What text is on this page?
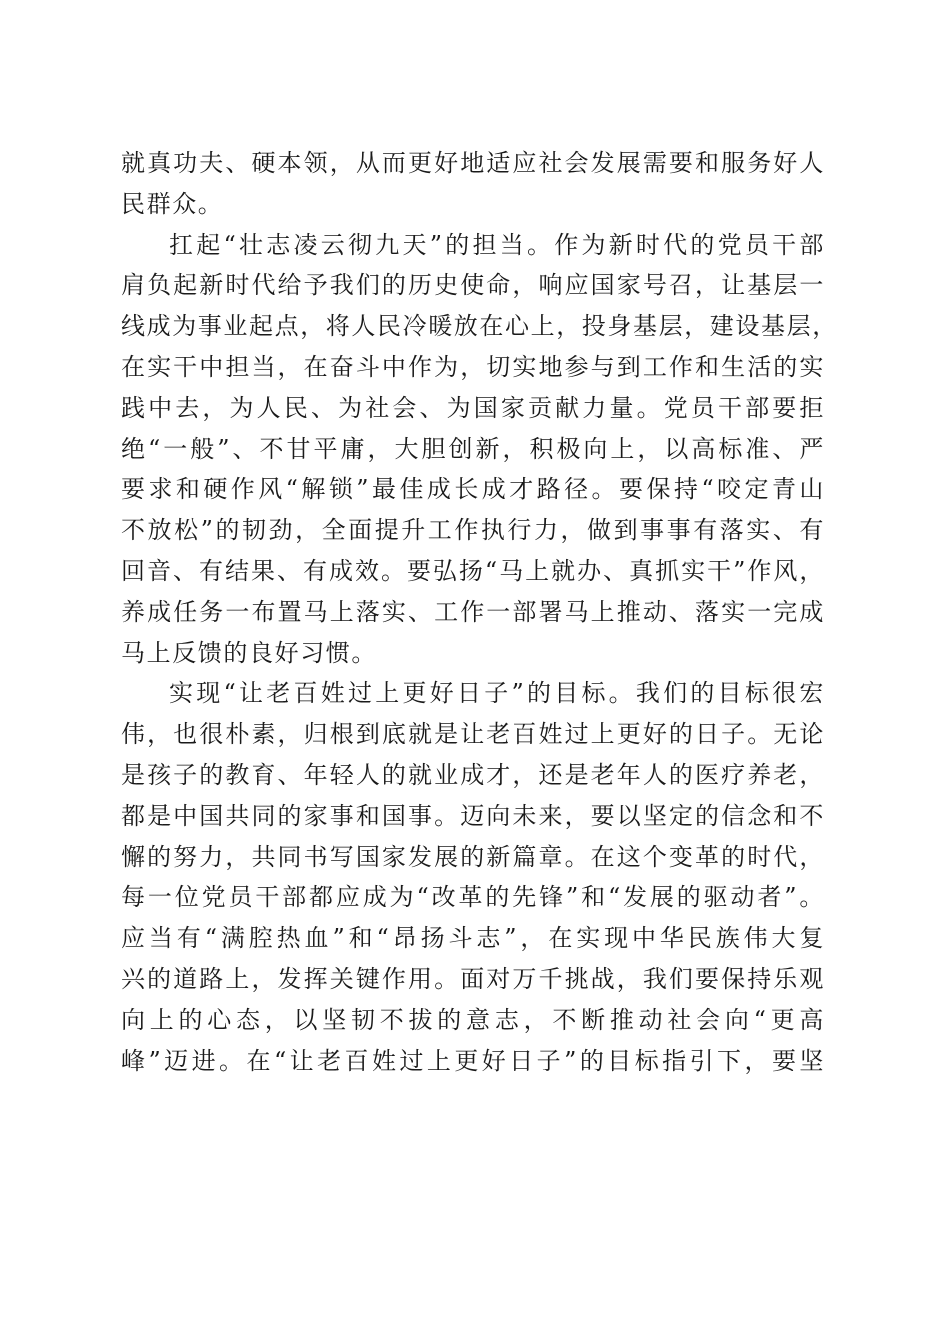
就真功夫、硬本领，从而更好地适应社会发展需要和服务好人
民群众。
扛起“壮志凌云彻九天”的担当。作为新时代的党员干部
肩负起新时代给予我们的历史使命，响应国家号召，让基层一
线成为事业起点，将人民冷暖放在心上，投身基层，建设基层，
在实干中担当，在奋斗中作为，切实地参与到工作和生活的实
践中去，为人民、为社会、为国家贡献力量。党员干部要拒
绝“一般”、不甘平庸，大胆创新，积极向上，以高标准、严
要求和硬作风“解锁”最佳成长成才路径。要保持“咬定青山
不放松”的韧劲，全面提升工作执行力，做到事事有落实、有
回音、有结果、有成效。要弘扬“马上就办、真抓实干”作风，
养成任务一布置马上落实、工作一部署马上推动、落实一完成
马上反馈的良好习惯。
实现“让老百姓过上更好日子”的目标。我们的目标很宏
伟，也很朴素，归根到底就是让老百姓过上更好的日子。无论
是孩子的教育、年轻人的就业成才，还是老年人的医疗养老，
都是中国共同的家事和国事。迈向未来，要以坚定的信念和不
懈的努力，共同书写国家发展的新篇章。在这个变革的时代，
每一位党员干部都应成为“改革的先锋”和“发展的驱动者”。
应当有“满腔热血”和“昂扬斗志”，在实现中华民族伟大复
兴的道路上，发挥关键作用。面对万千挑战，我们要保持乐观
向上的心态，以坚韧不拔的意志，不断推动社会向“更高
峰”迈进。在“让老百姓过上更好日子”的目标指引下，要坚
